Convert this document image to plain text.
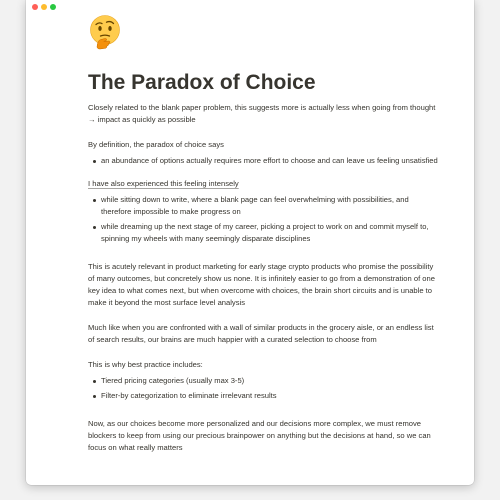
The Paradox of Choice

Closely related to the blank paper problem, this suggests more is actually less when going from thought → impact as quickly as possible

By definition, the paradox of choice says

an abundance of options actually requires more effort to choose and can leave us feeling unsatisfied

I have also experienced this feeling intensely

while sitting down to write, where a blank page can feel overwhelming with possibilities, and therefore impossible to make progress on
while dreaming up the next stage of my career, picking a project to work on and commit myself to, spinning my wheels with many seemingly disparate disciplines

This is acutely relevant in product marketing for early stage crypto products who promise the possibility of many outcomes, but concretely show us none. It is infinitely easier to go from a demonstration of one key idea to what comes next, but when overcome with choices, the brain short circuits and is unable to make it beyond the most surface level analysis

Much like when you are confronted with a wall of similar products in the grocery aisle, or an endless list of search results, our brains are much happier with a curated selection to choose from

This is why best practice includes:

Tiered pricing categories (usually max 3-5)
Filter-by categorization to eliminate irrelevant results

Now, as our choices become more personalized and our decisions more complex, we must remove blockers to keep from using our precious brainpower on anything but the decisions at hand, so we can focus on what really matters
